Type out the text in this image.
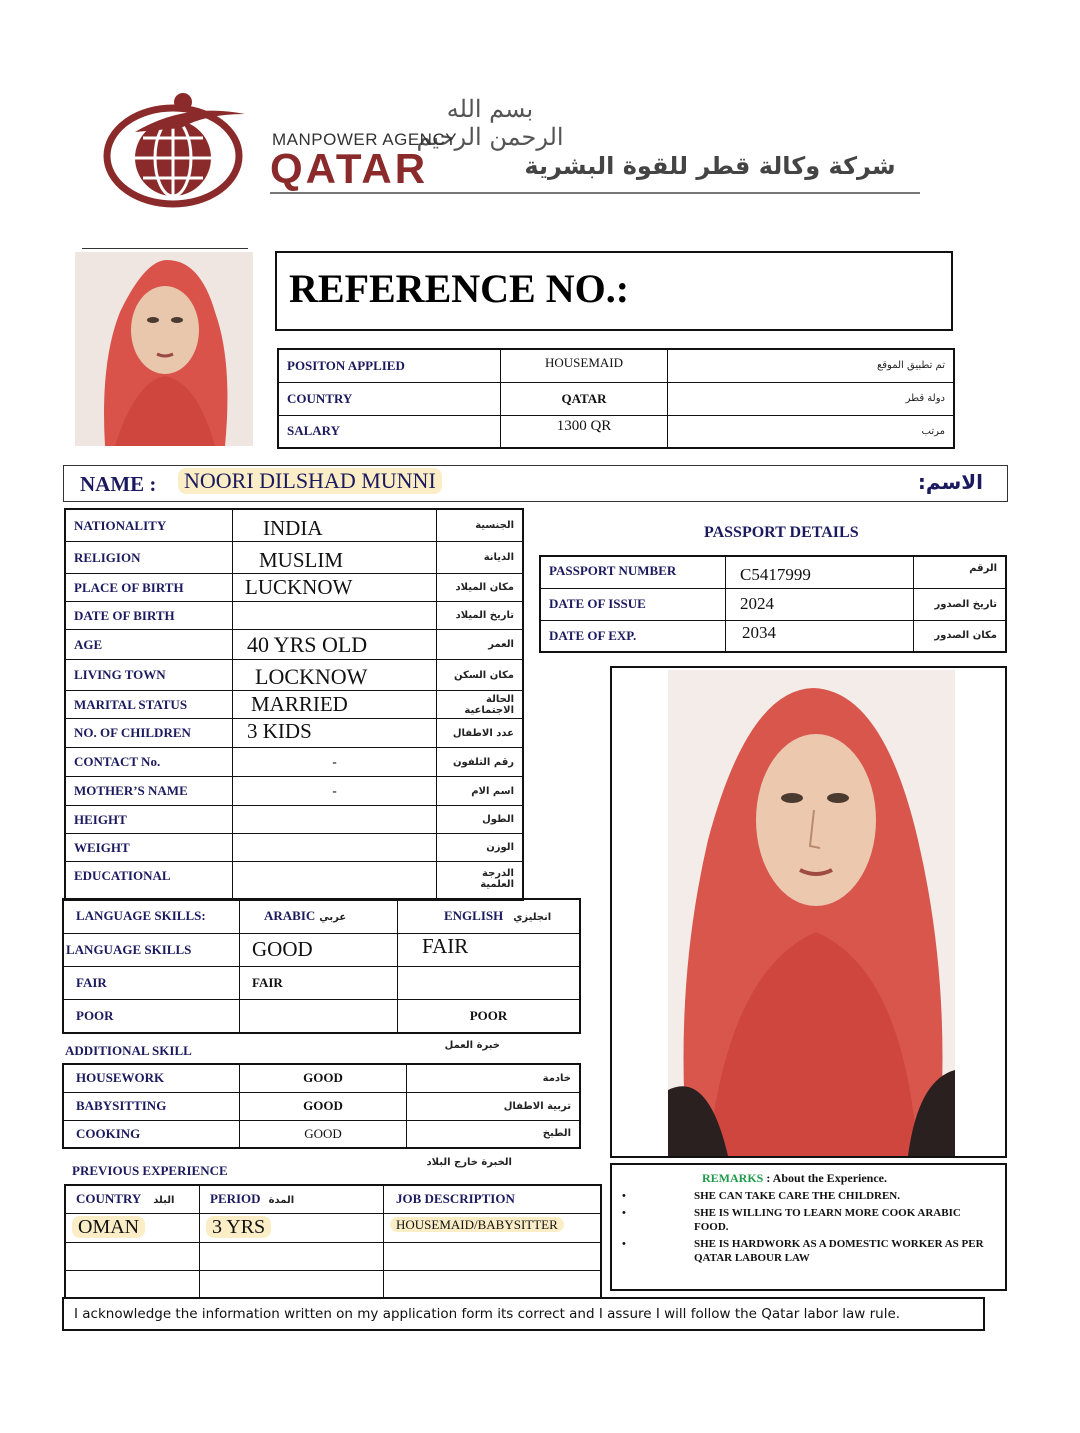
بسم الله الرحمن الرحيم
MANPOWER AGENCY
QATAR	شركة وكالة قطر للقوة البشرية
REFERENCE NO.:
POSITON APPLIED	HOUSEMAID	تم تطبيق الموقع
COUNTRY	QATAR	دولة قطر
SALARY	1300 QR	مرتب
NAME : NOORI DILSHAD MUNNI	الاسم:
NATIONALITY	INDIA	الجنسية
RELIGION	MUSLIM	الديانة
PLACE OF BIRTH	LUCKNOW	مكان الميلاد
DATE OF BIRTH		تاريخ الميلاد
AGE	40 YRS OLD	العمر
LIVING TOWN	LOCKNOW	مكان السكن
MARITAL STATUS	MARRIED	الحالة الاجتماعية
NO. OF CHILDREN	3 KIDS	عدد الاطفال
CONTACT No.	-	رقم التلفون
MOTHER’S NAME	-	اسم الام
HEIGHT		الطول
WEIGHT		الوزن
EDUCATIONAL		الدرجة العلمية
PASSPORT DETAILS
PASSPORT NUMBER	C5417999	الرقم
DATE OF ISSUE	2024	تاريخ الصدور
DATE OF EXP.	2034	مكان الصدور
LANGUAGE SKILLS:	ARABIC عربي	ENGLISH انجليزي
LANGUAGE SKILLS	GOOD	FAIR
FAIR	FAIR	
POOR		POOR
ADDITIONAL SKILL	خبرة العمل
HOUSEWORK	GOOD	خادمة
BABYSITTING	GOOD	تربية الاطفال
COOKING	GOOD	الطبخ
PREVIOUS EXPERIENCE
الخبرة خارج البلاد
COUNTRY البلد	PERIOD المدة	JOB DESCRIPTION
OMAN	3 YRS	HOUSEMAID/BABYSITTER

REMARKS : About the Experience.
•	SHE CAN TAKE CARE THE CHILDREN.
•	SHE IS WILLING TO LEARN MORE COOK ARABIC FOOD.
•	SHE IS HARDWORK AS A DOMESTIC WORKER AS PER QATAR LABOUR LAW
I acknowledge the information written on my application form its correct and I assure I will follow the Qatar labor law rule.
